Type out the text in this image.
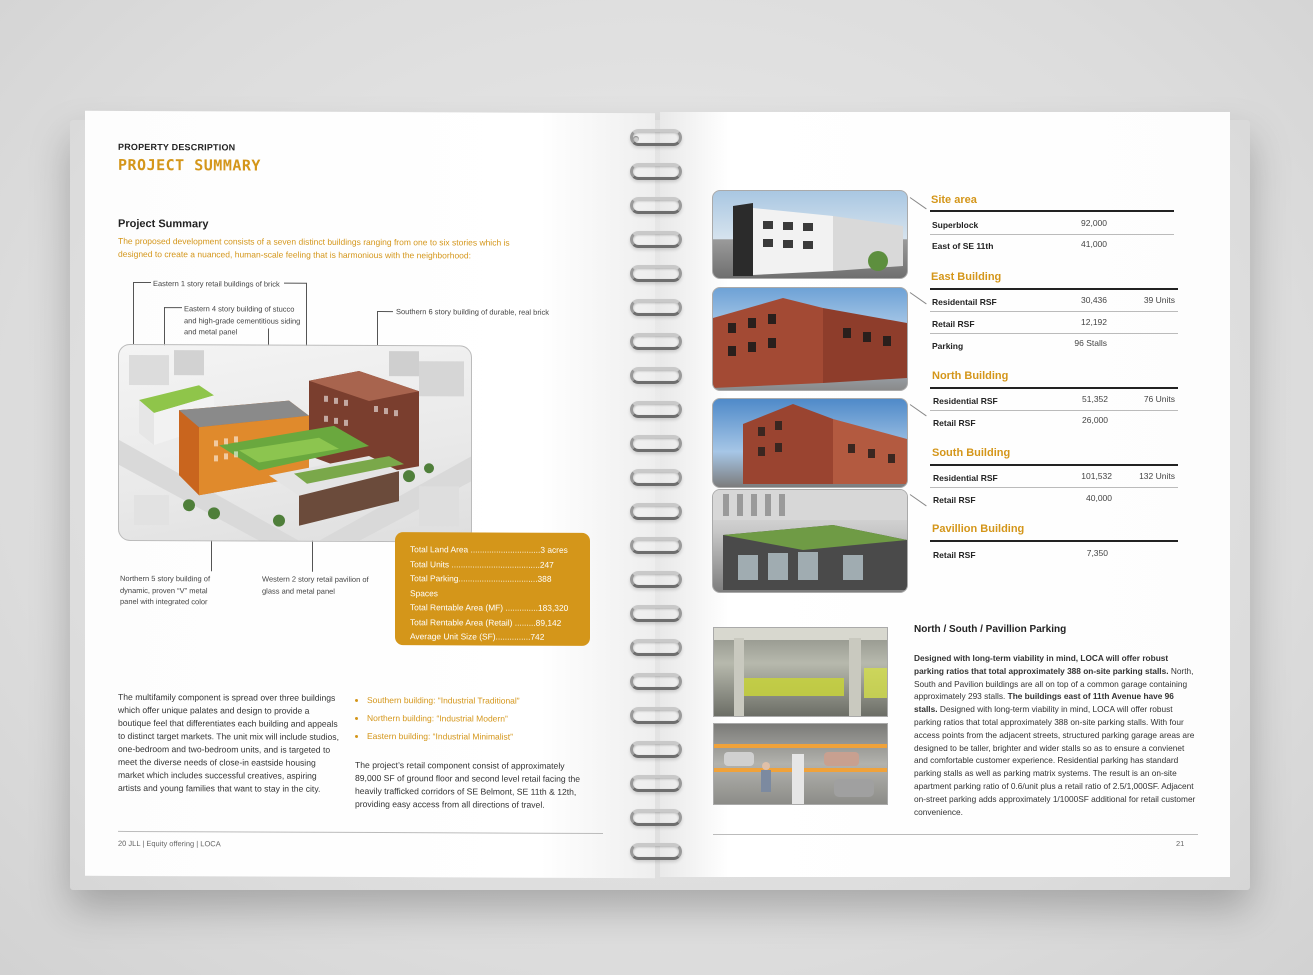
PROPERTY DESCRIPTION
PROJECT SUMMARY
Project Summary
The proposed development consists of a seven distinct buildings ranging from one to six stories which is designed to create a nuanced, human-scale feeling that is harmonious with the neighborhood:
Eastern 1 story retail buildings of brick
Eastern 4 story building of stucco and high-grade cementitious siding and metal panel
Southern 6 story building of durable, real brick
Northern 5 story building of dynamic, proven “V” metal panel with integrated color
Western 2 story retail pavilion of glass and metal panel
Total Land Area ..............................3 acres
Total Units ......................................247
Total Parking..................................388 Spaces
Total Rentable Area (MF) ..............183,320
Total Rentable Area (Retail) .........89,142
Average Unit Size (SF)...............742
The multifamily component is spread over three buildings which offer unique palates and design to provide a boutique feel that differentiates each building and appeals to distinct target markets. The unit mix will include studios, one-bedroom and two-bedroom units, and is targeted to meet the diverse needs of close-in eastside housing market which includes successful creatives, aspiring artists and young families that want to stay in the city.
• Southern building: “Industrial Traditional”
• Northern building: “Industrial Modern”
• Eastern building: “Industrial Minimalist”
The project’s retail component consist of approximately 89,000 SF of ground floor and second level retail facing the heavily trafficked corridors of SE Belmont, SE 11th & 12th, providing easy access from all directions of travel.
20 JLL | Equity offering | LOCA
Site area
Superblock	92,000
East of SE 11th	41,000
East Building
Residentail RSF	30,436	39 Units
Retail RSF	12,192
Parking	96 Stalls
North Building
Residential RSF	51,352	76 Units
Retail RSF	26,000
South Building
Residential RSF	101,532	132 Units
Retail RSF	40,000
Pavillion Building
Retail RSF	7,350
North / South / Pavillion Parking
Designed with long-term viability in mind, LOCA will offer robust parking ratios that total approximately 388 on-site parking stalls. North, South and Pavilion buildings are all on top of a common garage containing approximately 293 stalls. The buildings east of 11th Avenue have 96 stalls. Designed with long-term viability in mind, LOCA will offer robust parking ratios that total approximately 388 on-site parking stalls. With four access points from the adjacent streets, structured parking garage areas are designed to be taller, brighter and wider stalls so as to ensure a convienet and comfortable customer experience. Residential parking has standard parking stalls as well as parking matrix systems. The result is an on-site apartment parking ratio of 0.6/unit plus a retail ratio of 2.5/1,000SF. Adjacent on-street parking adds approximately 1/1000SF additional for retail customer convenience.
21
